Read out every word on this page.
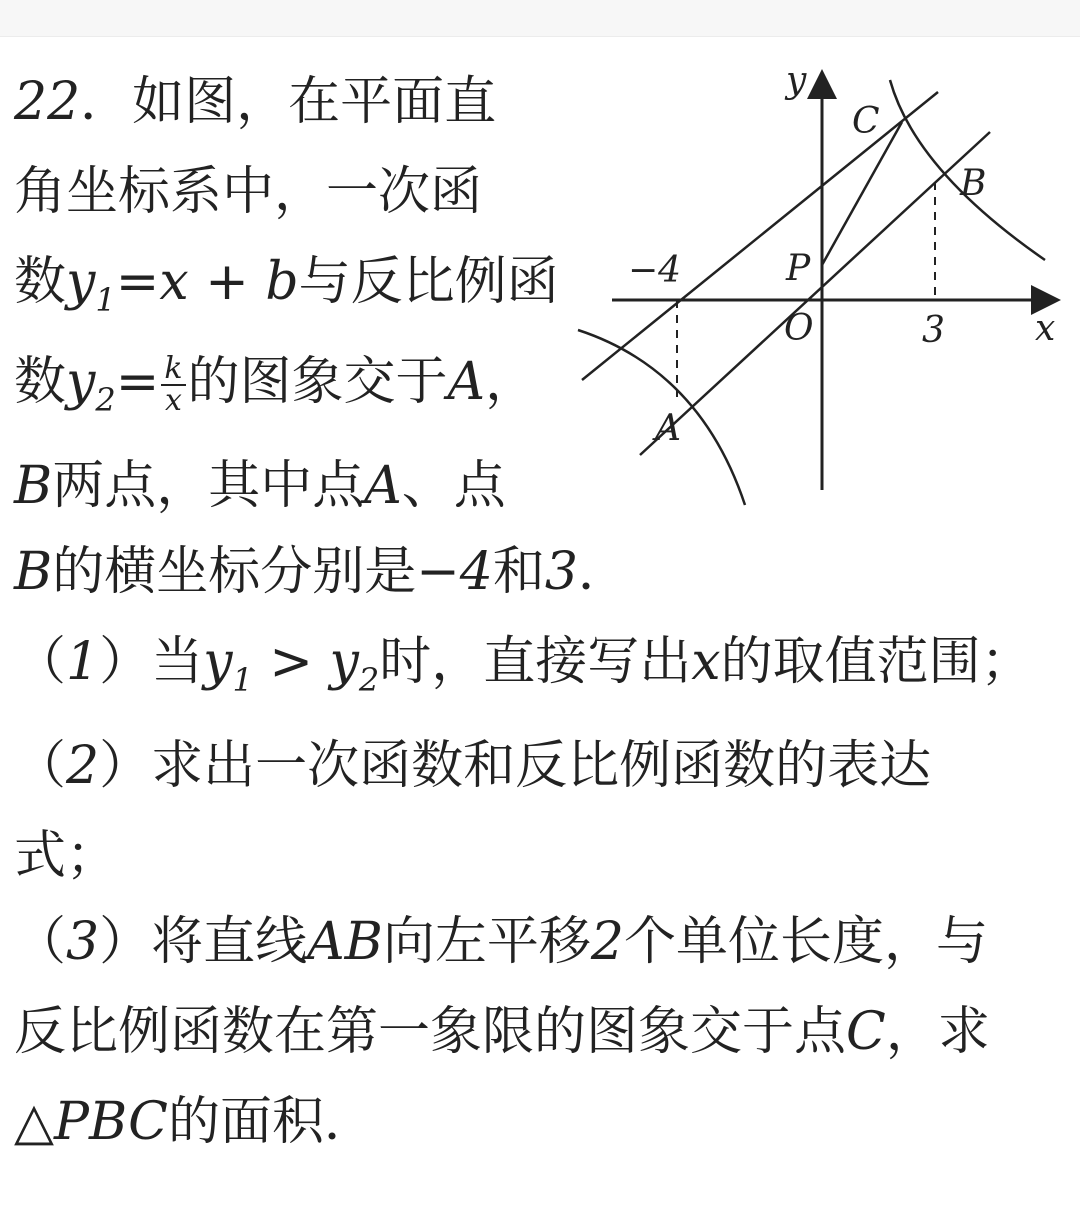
22．如图，在平面直
角坐标系中，一次函
数$y_1=x + b$与反比例函
数$y_2= \frac{k}{x}$ 的图象交于A，
B两点，其中点A、点
B的横坐标分别是−4和3．
（1）当$y_1 > y_2$时，直接写出x的取值范围；
（2）求出一次函数和反比例函数的表达
式；
（3）将直线AB向左平移2个单位长度，与
反比例函数在第一象限的图象交于点C，求
△PBC的面积．
y
x
C
B
P
O
A
−4
3
